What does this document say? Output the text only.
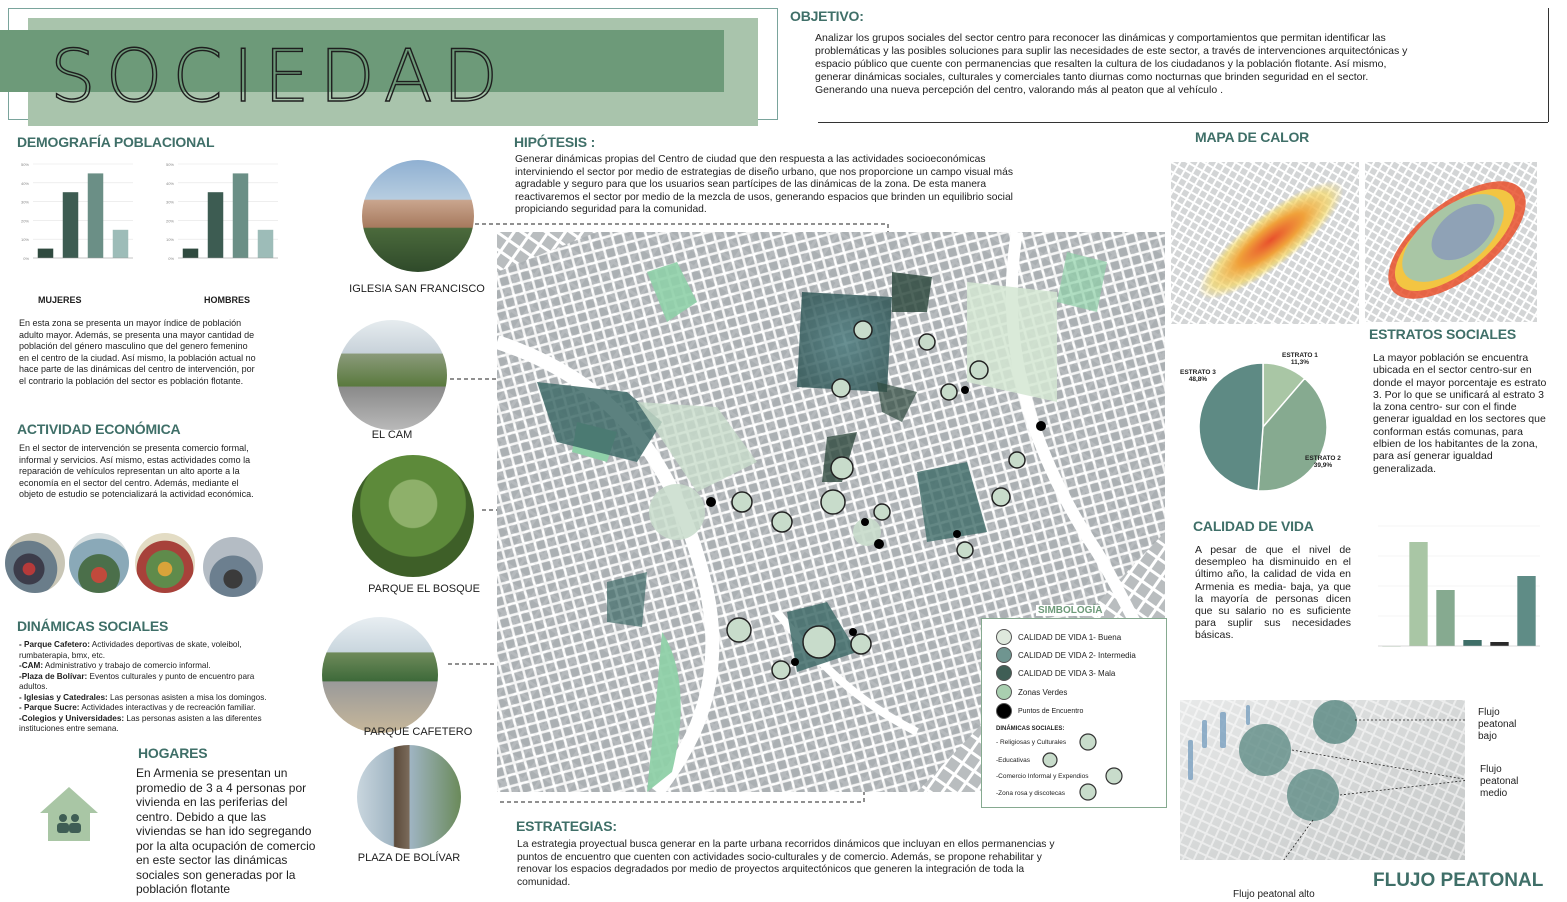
SOCIEDAD
OBJETIVO:
Analizar los grupos sociales del sector centro para reconocer las dinámicas y comportamientos que permitan identificar las problemáticas y las posibles soluciones para suplir las necesidades de este sector, a través de intervenciones arquitectónicas y espacio público que cuente con permanencias que resalten la cultura de los ciudadanos y la población flotante. Así mismo, generar dinámicas sociales, culturales y comerciales tanto diurnas como nocturnas que brinden seguridad en el sector. Generando una nueva percepción del centro, valorando más al peaton que al vehículo .
DEMOGRAFÍA POBLACIONAL
0%
10%
20%
30%
40%
50%
0%
10%
20%
30%
40%
50%
MUJERES	HOMBRES
En esta zona se presenta un mayor índice de población adulto mayor. Además, se presenta una mayor cantidad de población del género masculino que del genero femenino en el centro de la ciudad. Así mismo, la población actual no hace parte de las dinámicas del centro de intervención, por el contrario la población del sector es población flotante.
ACTIVIDAD ECONÓMICA
En el sector de intervención se presenta comercio formal, informal y servicios. Así mismo, estas actividades como la reparación de vehículos representan un alto aporte a la economía en el sector del centro. Además, mediante el objeto de estudio se potencializará la actividad económica.
DINÁMICAS SOCIALES
- Parque Cafetero: Actividades deportivas de skate, voleibol, rumbaterapia, bmx, etc.
-CAM: Administrativo y trabajo de comercio informal.
-Plaza de Bolívar: Eventos culturales y punto de encuentro para adultos.
- Iglesias y Catedrales: Las personas asisten a misa los domingos.
- Parque Sucre: Actividades interactivas y de recreación familiar.
-Colegios y Universidades: Las personas asisten a las diferentes instituciones entre semana.
HOGARES
En Armenia se presentan un promedio de 3 a 4 personas por vivienda en las periferias del centro. Debido a que las viviendas se han ido segregando por la alta ocupación de comercio en este sector las dinámicas sociales son generadas por la población flotante
HIPÓTESIS :
Generar dinámicas propias del Centro de ciudad que den respuesta a las actividades socioeconómicas interviniendo el sector por medio de estrategias de diseño urbano, que nos proporcione un campo visual más agradable y seguro para que los usuarios sean partícipes de las dinámicas de la zona. De esta manera reactivaremos el sector por medio de la mezcla de usos, generando espacios que brinden un equilibrio social propiciando seguridad para la comunidad.
IGLESIA SAN FRANCISCO
EL CAM
PARQUE EL BOSQUE
PARQUE CAFETERO
PLAZA DE BOLÍVAR
SIMBOLOGÍA
CALIDAD DE VIDA 1- Buena
CALIDAD DE VIDA 2- Intermedia
CALIDAD DE VIDA 3- Mala
Zonas Verdes
Puntos de Encuentro
DINÁMICAS SOCIALES:
- Religiosas y Culturales
-Educativas
-Comercio Informal y Expendios
-Zona rosa y discotecas
ESTRATEGIAS:
La estrategia proyectual busca generar en la parte urbana recorridos dinámicos que incluyan en ellos permanencias y puntos de encuentro que cuenten con actividades socio-culturales y de comercio. Además, se propone rehabilitar y renovar los espacios degradados por medio de proyectos arquitectónicos que generen la integración de toda la comunidad.
MAPA DE CALOR
ESTRATOS SOCIALES
La mayor población se encuentra ubicada en el sector centro-sur en donde el mayor porcentaje es estrato 3. Por lo que se unificará al estrato 3 la zona centro- sur con el finde generar igualdad en los sectores que conforman estás comunas, para elbien de los habitantes de la zona, para así generar igualdad generalizada.
ESTRATO 1
11,3%
ESTRATO 2
39,9%
ESTRATO 3
48,8%
CALIDAD DE VIDA
A pesar de que el nivel de desempleo ha disminuido en el último año, la calidad de vida en Armenia es media- baja, ya que la mayoría de personas dicen que su salario no es suficiente para suplir sus necesidades básicas.
Flujo peatonal bajo
Flujo peatonal medio
Flujo peatonal alto
FLUJO PEATONAL
